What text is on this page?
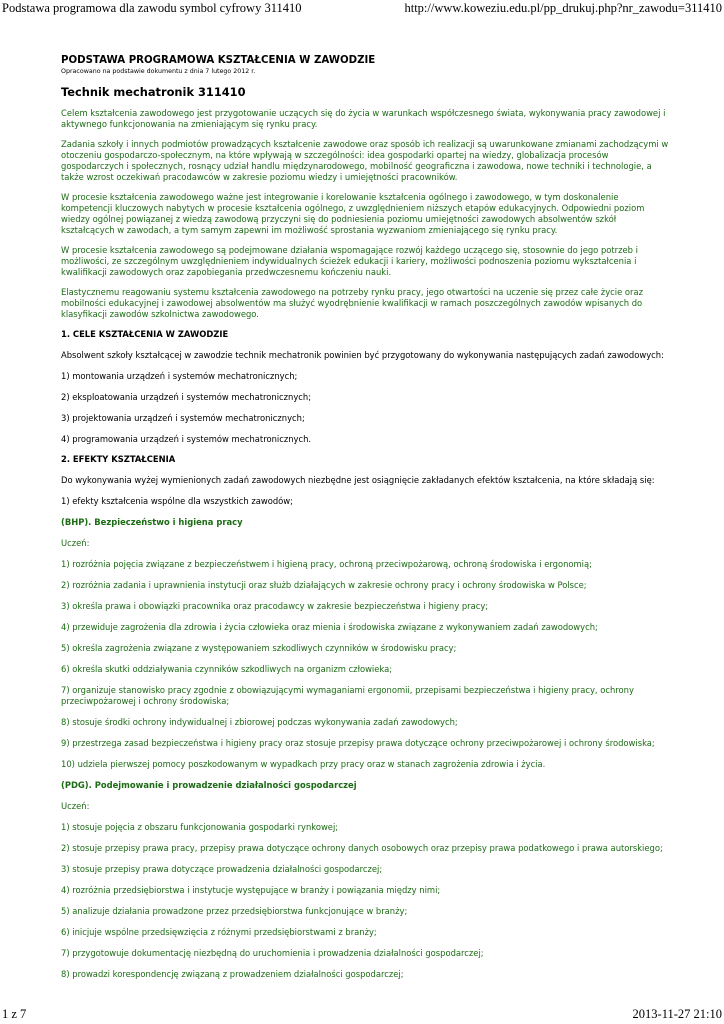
Podstawa programowa dla zawodu symbol cyfrowy 311410	http://www.koweziu.edu.pl/pp_drukuj.php?nr_zawodu=311410

PODSTAWA PROGRAMOWA KSZTAŁCENIA W ZAWODZIE

Opracowano na podstawie dokumentu z dnia 7 lutego 2012 r.

Technik mechatronik 311410

Celem kształcenia zawodowego jest przygotowanie uczących się do życia w warunkach współczesnego świata, wykonywania pracy zawodowej i aktywnego funkcjonowania na zmieniającym się rynku pracy.

Zadania szkoły i innych podmiotów prowadzących kształcenie zawodowe oraz sposób ich realizacji są uwarunkowane zmianami zachodzącymi w otoczeniu gospodarczo-społecznym, na które wpływają w szczególności: idea gospodarki opartej na wiedzy, globalizacja procesów gospodarczych i społecznych, rosnący udział handlu międzynarodowego, mobilność geograficzna i zawodowa, nowe techniki i technologie, a także wzrost oczekiwań pracodawców w zakresie poziomu wiedzy i umiejętności pracowników.

W procesie kształcenia zawodowego ważne jest integrowanie i korelowanie kształcenia ogólnego i zawodowego, w tym doskonalenie kompetencji kluczowych nabytych w procesie kształcenia ogólnego, z uwzględnieniem niższych etapów edukacyjnych. Odpowiedni poziom wiedzy ogólnej powiązanej z wiedzą zawodową przyczyni się do podniesienia poziomu umiejętności zawodowych absolwentów szkół kształcących w zawodach, a tym samym zapewni im możliwość sprostania wyzwaniom zmieniającego się rynku pracy.

W procesie kształcenia zawodowego są podejmowane działania wspomagające rozwój każdego uczącego się, stosownie do jego potrzeb i możliwości, ze szczególnym uwzględnieniem indywidualnych ścieżek edukacji i kariery, możliwości podnoszenia poziomu wykształcenia i kwalifikacji zawodowych oraz zapobiegania przedwczesnemu kończeniu nauki.

Elastycznemu reagowaniu systemu kształcenia zawodowego na potrzeby rynku pracy, jego otwartości na uczenie się przez całe życie oraz mobilności edukacyjnej i zawodowej absolwentów ma służyć wyodrębnienie kwalifikacji w ramach poszczególnych zawodów wpisanych do klasyfikacji zawodów szkolnictwa zawodowego.

1. CELE KSZTAŁCENIA W ZAWODZIE

Absolwent szkoły kształcącej w zawodzie technik mechatronik powinien być przygotowany do wykonywania następujących zadań zawodowych:

1) montowania urządzeń i systemów mechatronicznych;

2) eksploatowania urządzeń i systemów mechatronicznych;

3) projektowania urządzeń i systemów mechatronicznych;

4) programowania urządzeń i systemów mechatronicznych.

2. EFEKTY KSZTAŁCENIA

Do wykonywania wyżej wymienionych zadań zawodowych niezbędne jest osiągnięcie zakładanych efektów kształcenia, na które składają się:

1) efekty kształcenia wspólne dla wszystkich zawodów;

(BHP). Bezpieczeństwo i higiena pracy

Uczeń:

1) rozróżnia pojęcia związane z bezpieczeństwem i higieną pracy, ochroną przeciwpożarową, ochroną środowiska i ergonomią;

2) rozróżnia zadania i uprawnienia instytucji oraz służb działających w zakresie ochrony pracy i ochrony środowiska w Polsce;

3) określa prawa i obowiązki pracownika oraz pracodawcy w zakresie bezpieczeństwa i higieny pracy;

4) przewiduje zagrożenia dla zdrowia i życia człowieka oraz mienia i środowiska związane z wykonywaniem zadań zawodowych;

5) określa zagrożenia związane z występowaniem szkodliwych czynników w środowisku pracy;

6) określa skutki oddziaływania czynników szkodliwych na organizm człowieka;

7) organizuje stanowisko pracy zgodnie z obowiązującymi wymaganiami ergonomii, przepisami bezpieczeństwa i higieny pracy, ochrony przeciwpożarowej i ochrony środowiska;

8) stosuje środki ochrony indywidualnej i zbiorowej podczas wykonywania zadań zawodowych;

9) przestrzega zasad bezpieczeństwa i higieny pracy oraz stosuje przepisy prawa dotyczące ochrony przeciwpożarowej i ochrony środowiska;

10) udziela pierwszej pomocy poszkodowanym w wypadkach przy pracy oraz w stanach zagrożenia zdrowia i życia.

(PDG). Podejmowanie i prowadzenie działalności gospodarczej

Uczeń:

1) stosuje pojęcia z obszaru funkcjonowania gospodarki rynkowej;

2) stosuje przepisy prawa pracy, przepisy prawa dotyczące ochrony danych osobowych oraz przepisy prawa podatkowego i prawa autorskiego;

3) stosuje przepisy prawa dotyczące prowadzenia działalności gospodarczej;

4) rozróżnia przedsiębiorstwa i instytucje występujące w branży i powiązania między nimi;

5) analizuje działania prowadzone przez przedsiębiorstwa funkcjonujące w branży;

6) inicjuje wspólne przedsięwzięcia z różnymi przedsiębiorstwami z branży;

7) przygotowuje dokumentację niezbędną do uruchomienia i prowadzenia działalności gospodarczej;

8) prowadzi korespondencję związaną z prowadzeniem działalności gospodarczej;

1 z 7	2013-11-27 21:10
